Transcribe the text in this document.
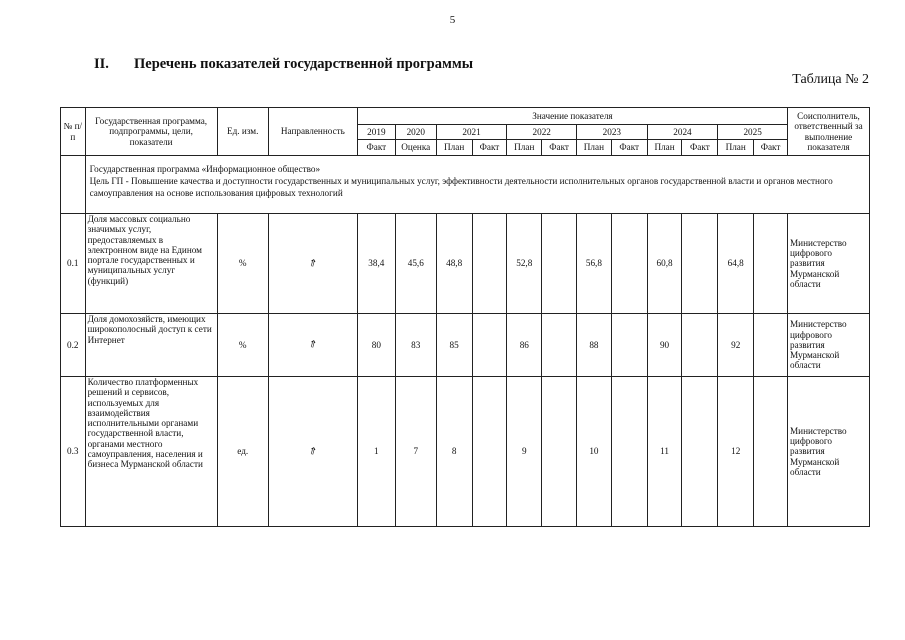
5
II. Перечень показателей государственной программы
Таблица № 2
№ п/п	Государственная программа, подпрограммы, цели, показатели	Ед. изм.	Направленность	Значение показателя												Соисполнитель, ответственный за выполнение показателя
				2019	2020	2021		2022		2023		2024		2025		
				Факт	Оценка	План	Факт	План	Факт	План	Факт	План	Факт	План	Факт	

	Государственная программа «Информационное общество»
Цель ГП - Повышение качества и доступности государственных и муниципальных услуг, эффективности деятельности исполнительных органов государственной власти и органов местного самоуправления на основе использования цифровых технологий															

0.1	Доля массовых социально значимых услуг, предоставляемых в электронном виде на Едином портале государственных и муниципальных услуг (функций)	%	⇗	38,4	45,6	48,8		52,8		56,8		60,8		64,8		Министерство цифрового развития Мурманской области
0.2	Доля домохозяйств, имеющих широкополосный доступ к сети Интернет	%	⇗	80	83	85		86		88		90		92		Министерство цифрового развития Мурманской области
0.3	Количество платформенных решений и сервисов, используемых для взаимодействия исполнительными органами государственной власти, органами местного самоуправления, населения и бизнеса Мурманской области	ед.	⇗	1	7	8		9		10		11		12		Министерство цифрового развития Мурманской области
